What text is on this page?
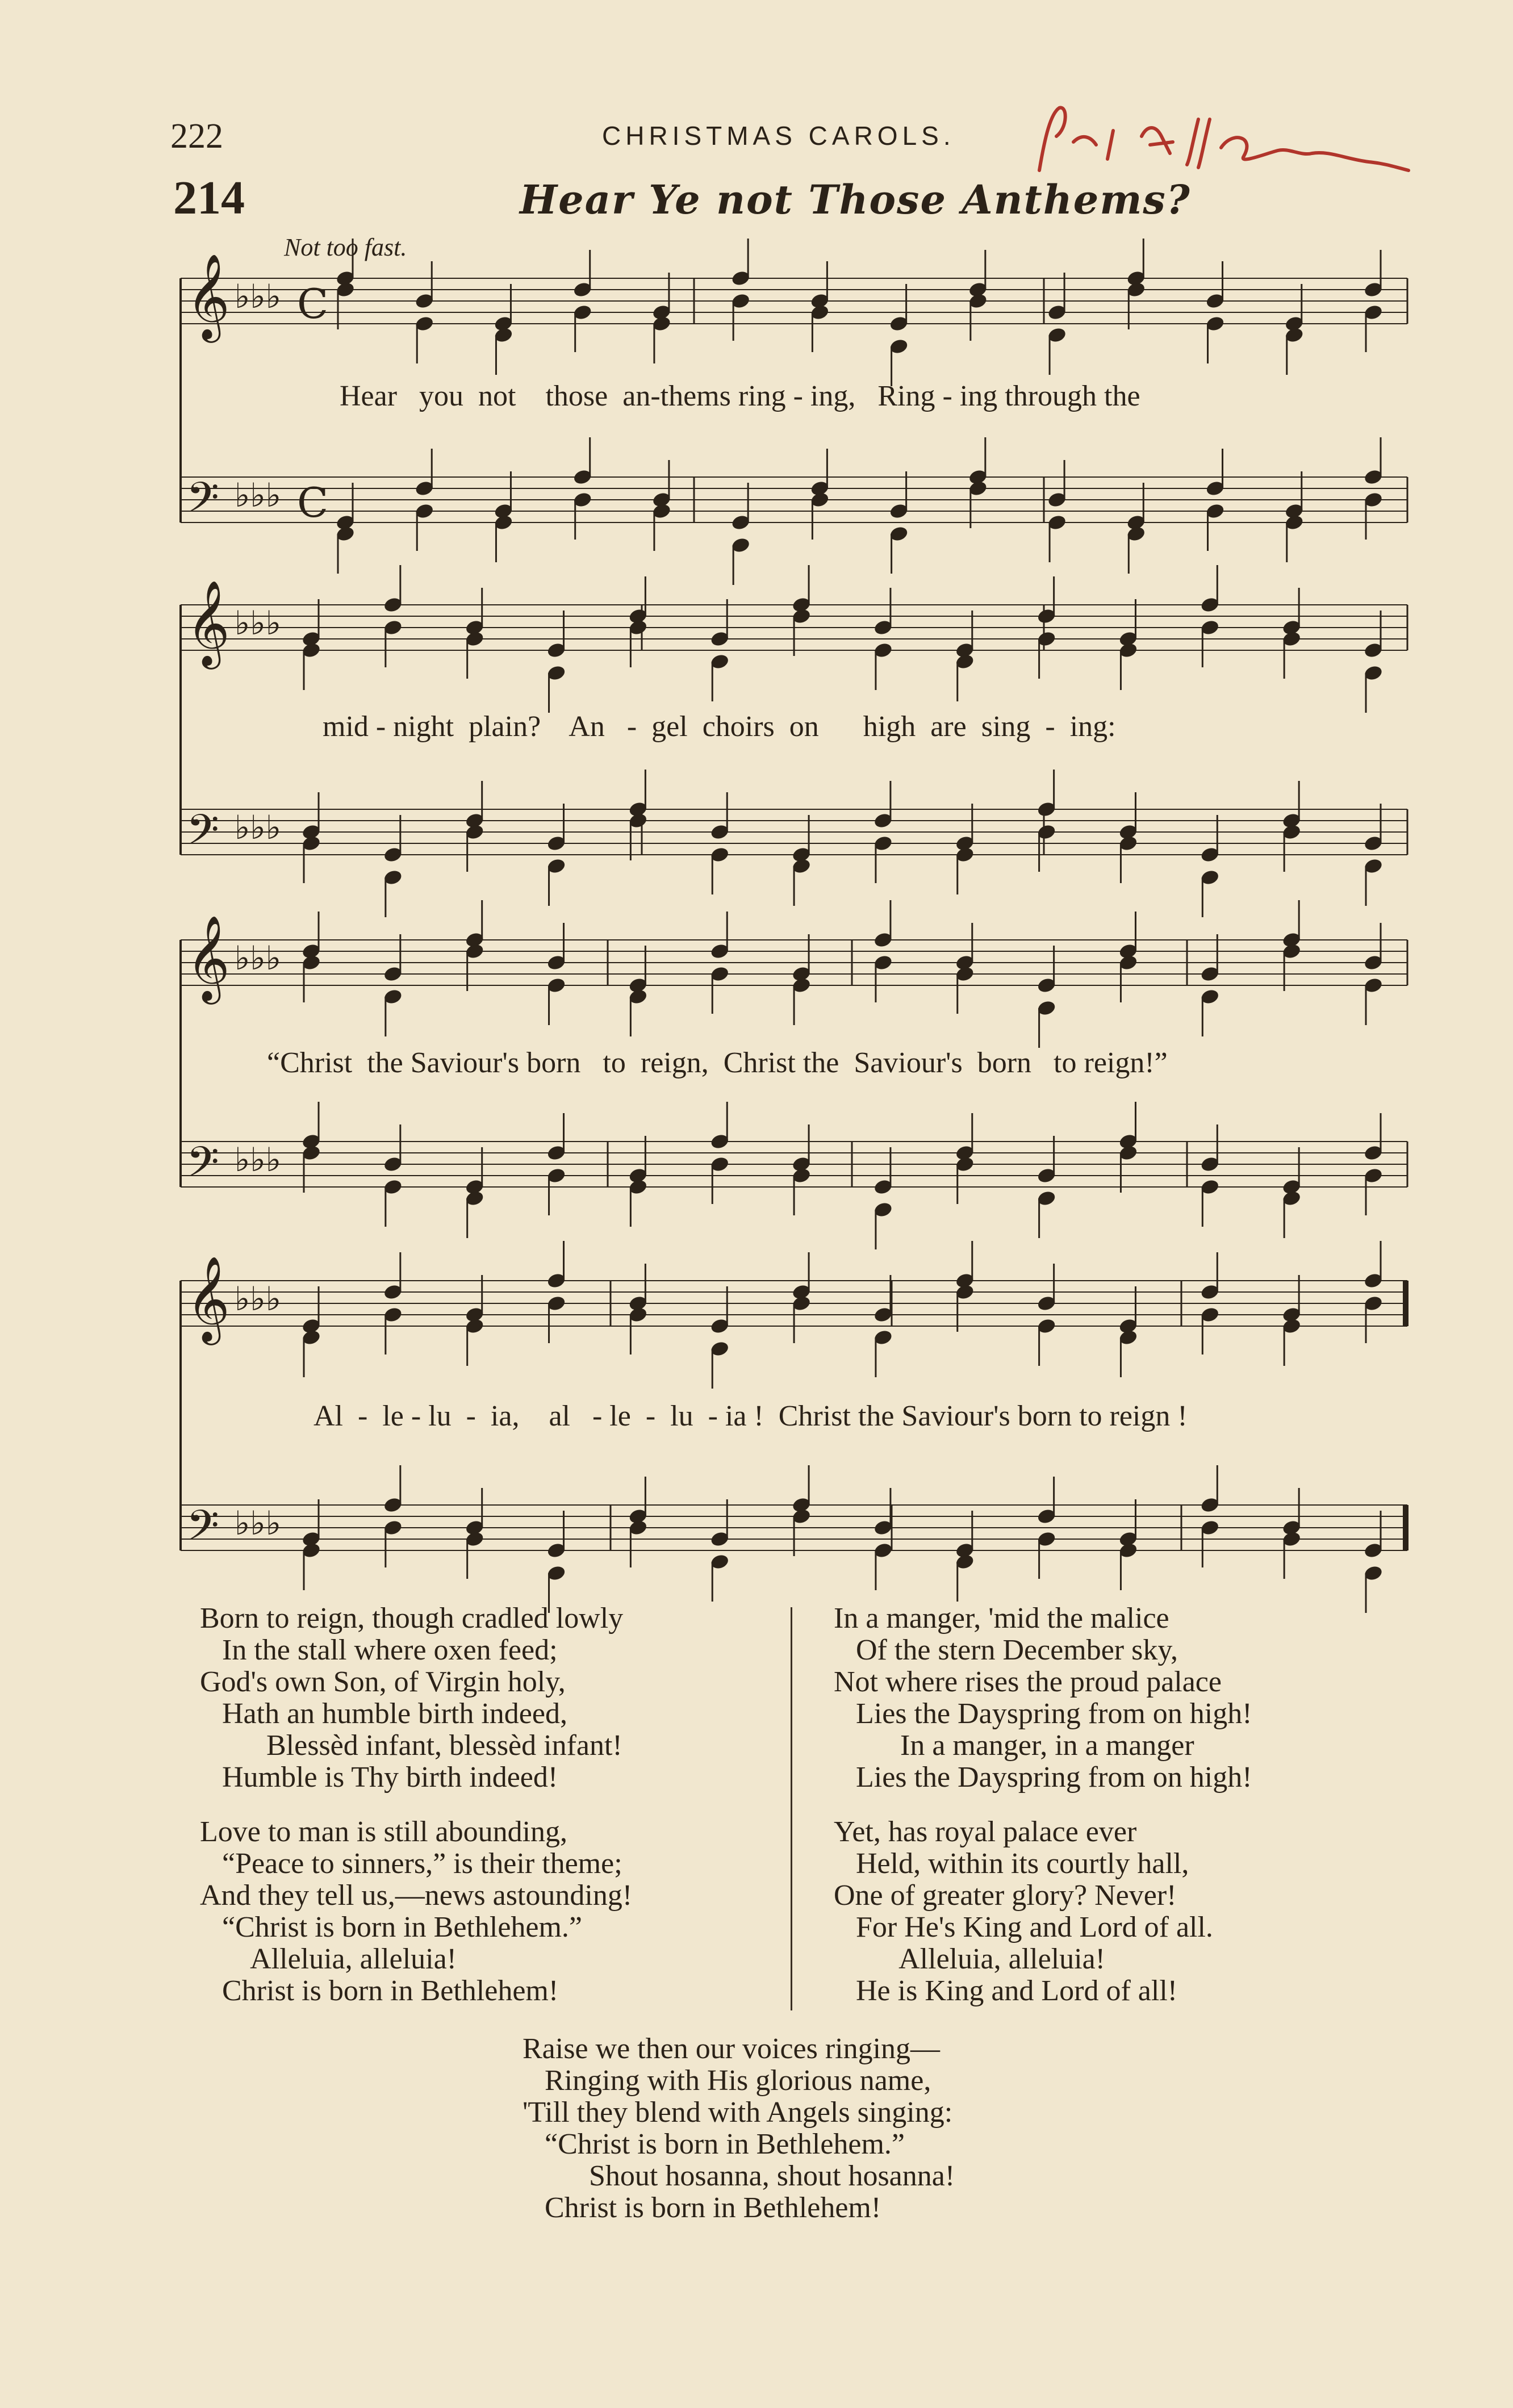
222	CHRISTMAS CAROLS.
214	Hear Ye not Those Anthems?
Not too fast.
𝄞 ♭♭♭ C
𝄢 ♭♭♭ C
𝄞 ♭♭♭
𝄢 ♭♭♭
𝄞 ♭♭♭
𝄢 ♭♭♭
𝄞 ♭♭♭
𝄢 ♭♭♭
Hear   you  not    those  an-thems ring - ing,   Ring - ing through the
mid - night  plain?    An   -  gel  choirs  on      high  are  sing  -  ing:
“Christ  the Saviour's born   to  reign,  Christ the  Saviour's  born   to reign!”
Al  -  le - lu  -  ia,    al   - le  -  lu  - ia !  Christ the Saviour's born to reign !
Born to reign, though cradled lowly
In the stall where oxen feed;
God's own Son, of Virgin holy,
Hath an humble birth indeed,
Blessèd infant, blessèd infant!
Humble is Thy birth indeed!
Love to man is still abounding,
“Peace to sinners,” is their theme;
And they tell us,—news astounding!
“Christ is born in Bethlehem.”
Alleluia, alleluia!
Christ is born in Bethlehem!
In a manger, 'mid the malice
Of the stern December sky,
Not where rises the proud palace
Lies the Dayspring from on high!
In a manger, in a manger
Lies the Dayspring from on high!
Yet, has royal palace ever
Held, within its courtly hall,
One of greater glory? Never!
For He's King and Lord of all.
Alleluia, alleluia!
He is King and Lord of all!
Raise we then our voices ringing—
Ringing with His glorious name,
'Till they blend with Angels singing:
“Christ is born in Bethlehem.”
Shout hosanna, shout hosanna!
Christ is born in Bethlehem!
